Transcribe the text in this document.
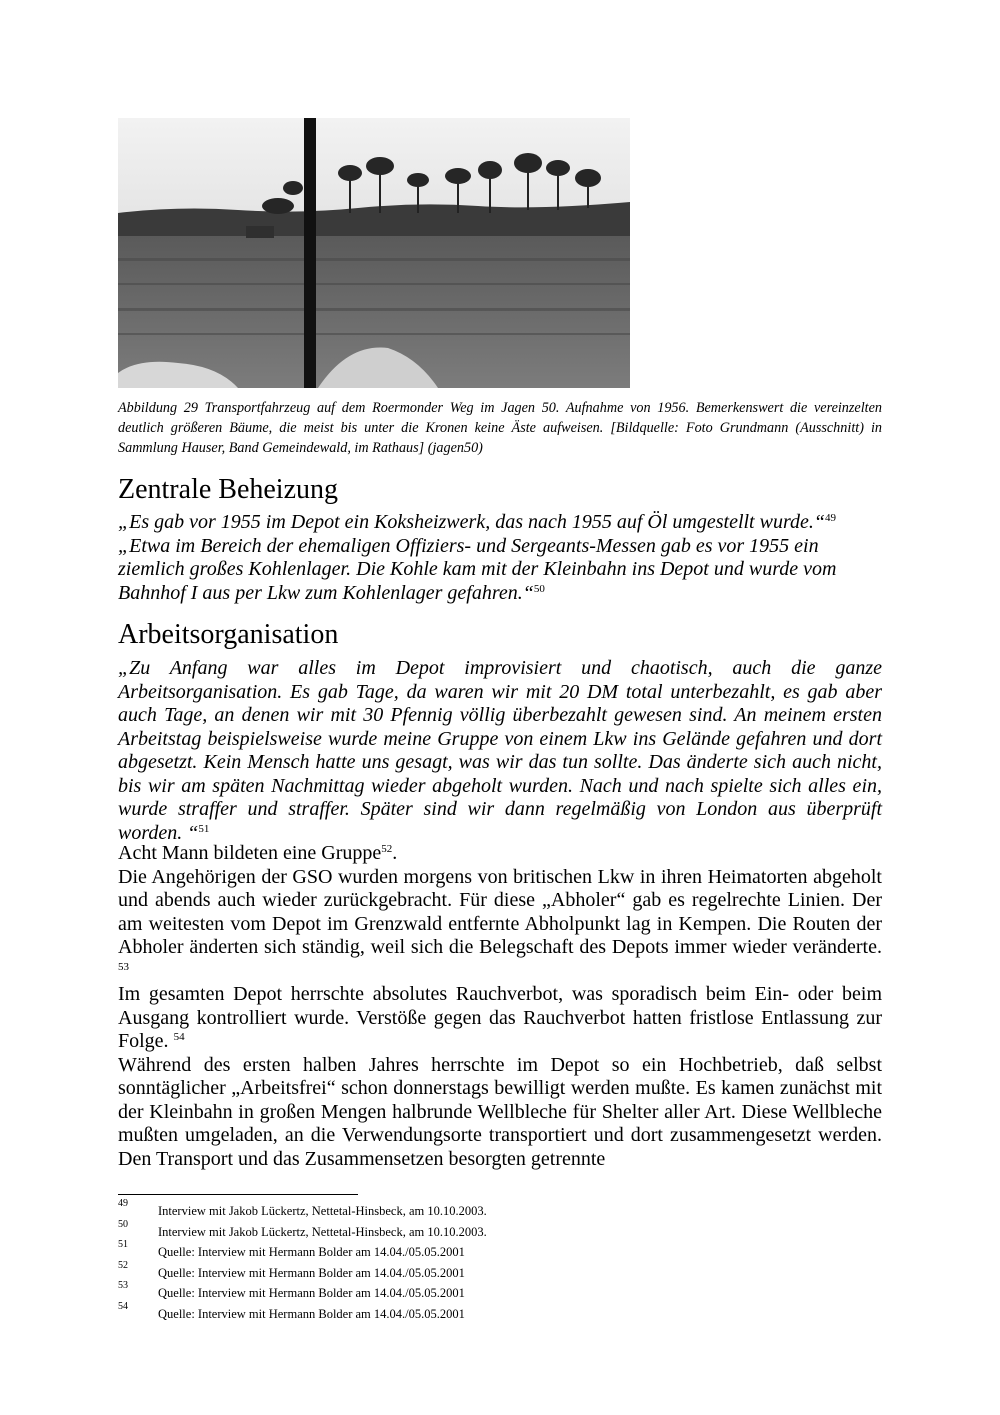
Abbildung 29 Transportfahrzeug auf dem Roermonder Weg im Jagen 50. Aufnahme von 1956. Bemerkenswert die vereinzelten deutlich größeren Bäume, die meist bis unter die Kronen keine Äste aufweisen. [Bildquelle: Foto Grundmann (Ausschnitt) in Sammlung Hauser, Band Gemeindewald, im Rathaus] (jagen50)
Zentrale Beheizung

„Es gab vor 1955 im Depot ein Koksheizwerk, das nach 1955 auf Öl umgestellt wurde.“$^{49}$

„Etwa im Bereich der ehemaligen Offiziers- und Sergeants-Messen gab es vor 1955 ein ziemlich großes Kohlenlager. Die Kohle kam mit der Kleinbahn ins Depot und wurde vom Bahnhof I aus per Lkw zum Kohlenlager gefahren.“$^{50}$

Arbeitsorganisation

„Zu Anfang war alles im Depot improvisiert und chaotisch, auch die ganze Arbeitsorganisation. Es gab Tage, da waren wir mit 20 DM total unterbezahlt, es gab aber auch Tage, an denen wir mit 30 Pfennig völlig überbezahlt gewesen sind. An meinem ersten Arbeitstag beispielsweise wurde meine Gruppe von einem Lkw ins Gelände gefahren und dort abgesetzt. Kein Mensch hatte uns gesagt, was wir das tun sollte. Das änderte sich auch nicht, bis wir am späten Nachmittag wieder abgeholt wurden. Nach und nach spielte sich alles ein, wurde straffer und straffer. Später sind wir dann regelmäßig von London aus überprüft worden. “$^{51}$

Acht Mann bildeten eine Gruppe$^{52}$.

Die Angehörigen der GSO wurden morgens von britischen Lkw in ihren Heimatorten abgeholt und abends auch wieder zurückgebracht. Für diese „Abholer“ gab es regelrechte Linien. Der am weitesten vom Depot im Grenzwald entfernte Abholpunkt lag in Kempen. Die Routen der Abholer änderten sich ständig, weil sich die Belegschaft des Depots immer wieder veränderte. $^{53}$

Im gesamten Depot herrschte absolutes Rauchverbot, was sporadisch beim Ein- oder beim Ausgang kontrolliert wurde. Verstöße gegen das Rauchverbot hatten fristlose Entlassung zur Folge. $^{54}$

Während des ersten halben Jahres herrschte im Depot so ein Hochbetrieb, daß selbst sonntäglicher „Arbeitsfrei“ schon donnerstags bewilligt werden mußte. Es kamen zunächst mit der Kleinbahn in großen Mengen halbrunde Wellbleche für Shelter aller Art. Diese Wellbleche mußten umgeladen, an die Verwendungsorte transportiert und dort zusammengesetzt werden. Den Transport und das Zusammensetzen besorgten getrennte

49
Interview mit Jakob Lückertz, Nettetal-Hinsbeck, am 10.10.2003.
50
Interview mit Jakob Lückertz, Nettetal-Hinsbeck, am 10.10.2003.
51
Quelle: Interview mit Hermann Bolder am 14.04./05.05.2001
52
Quelle: Interview mit Hermann Bolder am 14.04./05.05.2001
53
Quelle: Interview mit Hermann Bolder am 14.04./05.05.2001
54
Quelle: Interview mit Hermann Bolder am 14.04./05.05.2001
